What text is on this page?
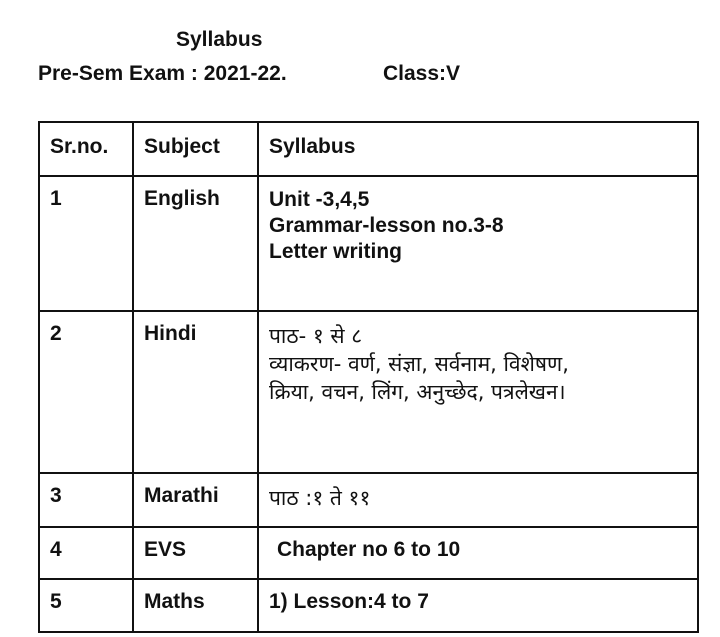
Syllabus
Pre-Sem Exam : 2021-22.	Class:V
Sr.no.	Subject	Syllabus
1	English	Unit -3,4,5
Grammar-lesson no.3-8
Letter writing

2	Hindi	पाठ- १ से ८
व्याकरण- वर्ण, संज्ञा, सर्वनाम, विशेषण,
क्रिया, वचन, लिंग, अनुच्छेद, पत्रलेखन।

3	Marathi	पाठ :१ ते ११

4	EVS	Chapter no 6 to 10

5	Maths	1) Lesson:4 to 7
